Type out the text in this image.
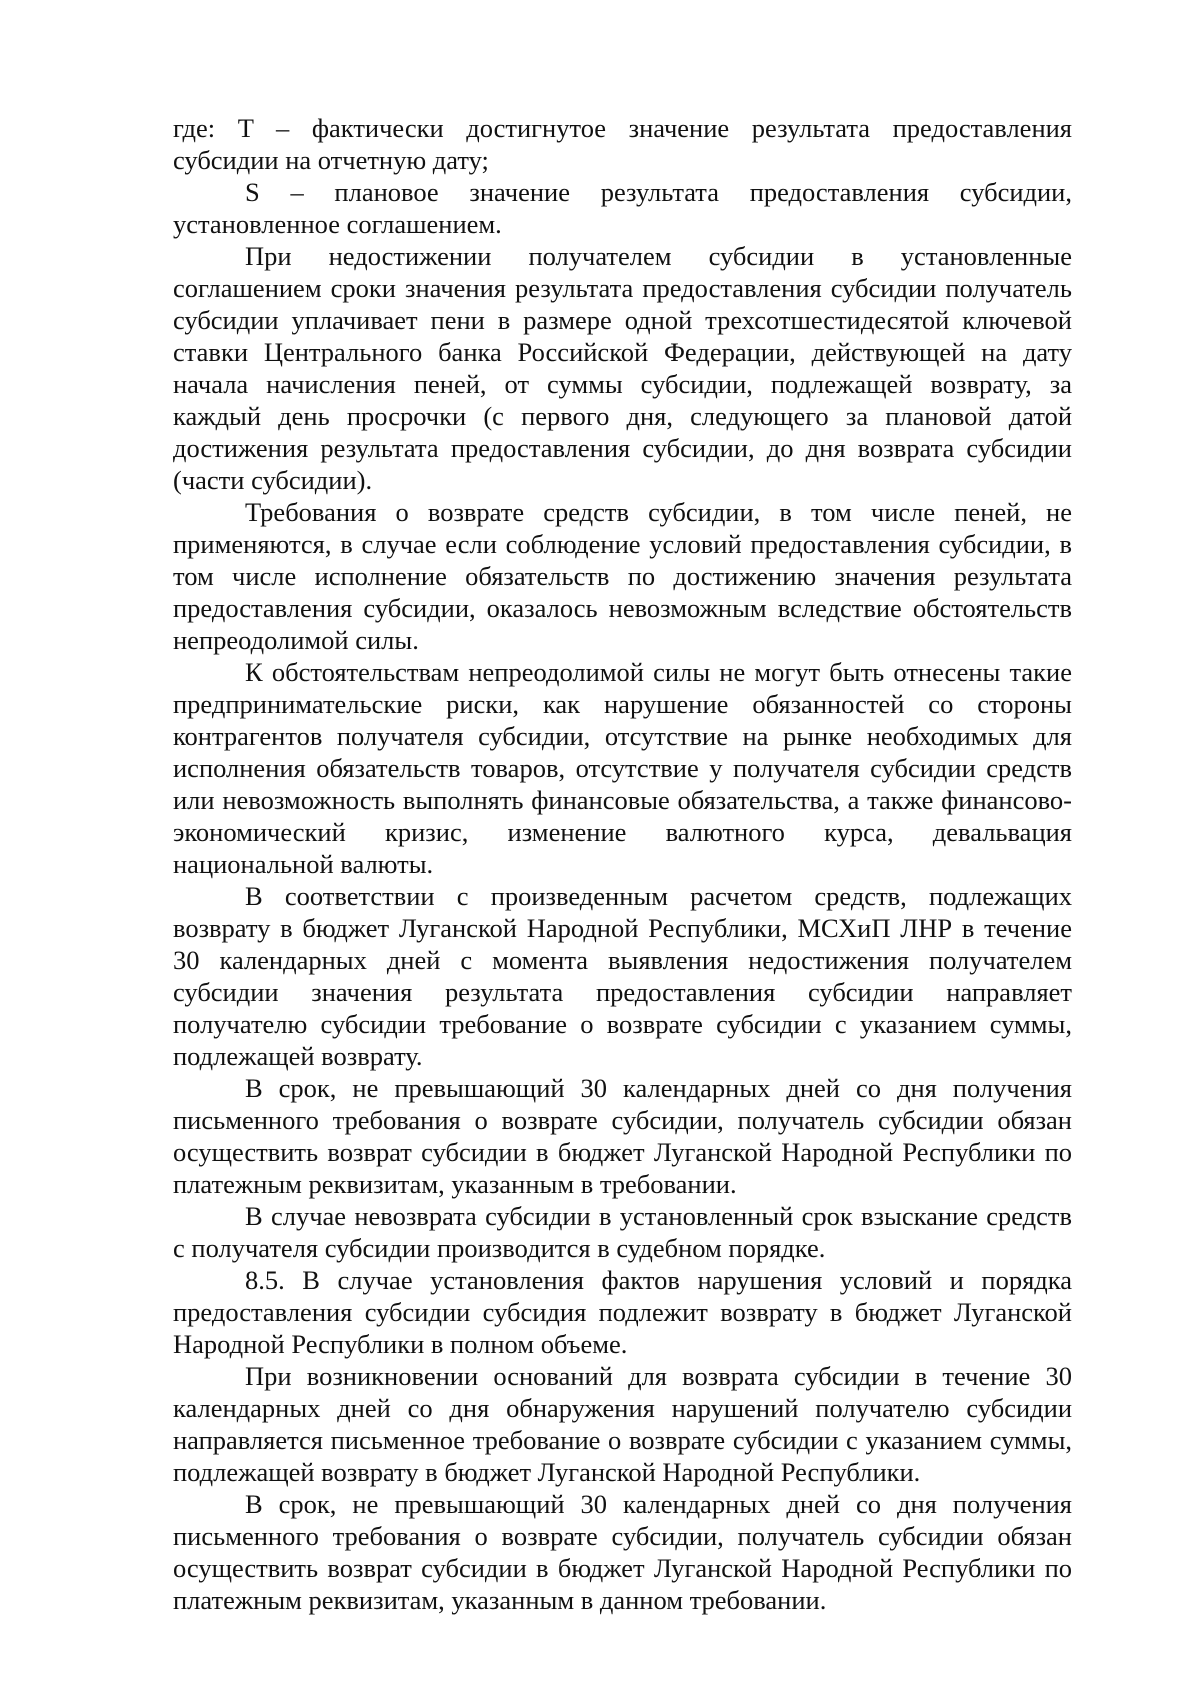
где: T – фактически достигнутое значение результата предоставления субсидии на отчетную дату;

S – плановое значение результата предоставления субсидии, установленное соглашением.

При недостижении получателем субсидии в установленные соглашением сроки значения результата предоставления субсидии получатель субсидии уплачивает пени в размере одной трехсотшестидесятой ключевой ставки Центрального банка Российской Федерации, действующей на дату начала начисления пеней, от суммы субсидии, подлежащей возврату, за каждый день просрочки (с первого дня, следующего за плановой датой достижения результата предоставления субсидии, до дня возврата субсидии (части субсидии).

Требования о возврате средств субсидии, в том числе пеней, не применяются, в случае если соблюдение условий предоставления субсидии, в том числе исполнение обязательств по достижению значения результата предоставления субсидии, оказалось невозможным вследствие обстоятельств непреодолимой силы.

К обстоятельствам непреодолимой силы не могут быть отнесены такие предпринимательские риски, как нарушение обязанностей со стороны контрагентов получателя субсидии, отсутствие на рынке необходимых для исполнения обязательств товаров, отсутствие у получателя субсидии средств или невозможность выполнять финансовые обязательства, а также финансово-экономический кризис, изменение валютного курса, девальвация национальной валюты.

В соответствии с произведенным расчетом средств, подлежащих возврату в бюджет Луганской Народной Республики, МСХиП ЛНР в течение 30 календарных дней с момента выявления недостижения получателем субсидии значения результата предоставления субсидии направляет получателю субсидии требование о возврате субсидии с указанием суммы, подлежащей возврату.

В срок, не превышающий 30 календарных дней со дня получения письменного требования о возврате субсидии, получатель субсидии обязан осуществить возврат субсидии в бюджет Луганской Народной Республики по платежным реквизитам, указанным в требовании.

В случае невозврата субсидии в установленный срок взыскание средств с получателя субсидии производится в судебном порядке.

8.5. В случае установления фактов нарушения условий и порядка предоставления субсидии субсидия подлежит возврату в бюджет Луганской Народной Республики в полном объеме.

При возникновении оснований для возврата субсидии в течение 30 календарных дней со дня обнаружения нарушений получателю субсидии направляется письменное требование о возврате субсидии с указанием суммы, подлежащей возврату в бюджет Луганской Народной Республики.

В срок, не превышающий 30 календарных дней со дня получения письменного требования о возврате субсидии, получатель субсидии обязан осуществить возврат субсидии в бюджет Луганской Народной Республики по платежным реквизитам, указанным в данном требовании.
